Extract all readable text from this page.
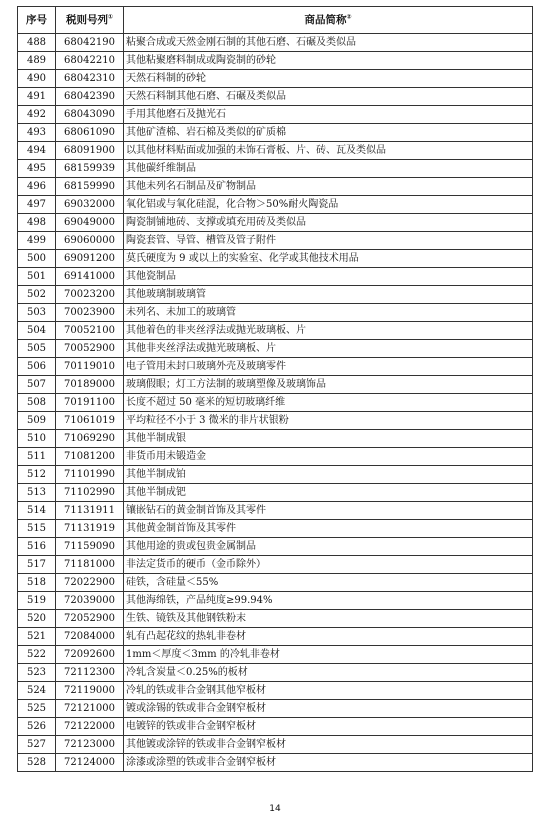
序号	税则号列①	商品简称②
488	68042190	粘聚合成或天然金刚石制的其他石磨、石碾及类似品
489	68042210	其他粘聚磨料制成或陶瓷制的砂轮
490	68042310	天然石料制的砂轮
491	68042390	天然石料制其他石磨、石碾及类似品
492	68043090	手用其他磨石及抛光石
493	68061090	其他矿渣棉、岩石棉及类似的矿质棉
494	68091900	以其他材料贴面或加强的未饰石膏板、片、砖、瓦及类似品
495	68159939	其他碳纤维制品
496	68159990	其他未列名石制品及矿物制品
497	69032000	氧化铝或与氧化硅混，化合物＞50%耐火陶瓷品
498	69049000	陶瓷制铺地砖、支撑或填充用砖及类似品
499	69060000	陶瓷套管、导管、槽管及管子附件
500	69091200	莫氏硬度为 9 或以上的实验室、化学或其他技术用品
501	69141000	其他瓷制品
502	70023200	其他玻璃制玻璃管
503	70023900	未列名、未加工的玻璃管
504	70052100	其他着色的非夹丝浮法或抛光玻璃板、片
505	70052900	其他非夹丝浮法或抛光玻璃板、片
506	70119010	电子管用未封口玻璃外壳及玻璃零件
507	70189000	玻璃假眼；灯工方法制的玻璃塑像及玻璃饰品
508	70191100	长度不超过 50 毫米的短切玻璃纤维
509	71061019	平均粒径不小于 3 微米的非片状银粉
510	71069290	其他半制成银
511	71081200	非货币用未锻造金
512	71101990	其他半制成铂
513	71102990	其他半制成钯
514	71131911	镶嵌钻石的黄金制首饰及其零件
515	71131919	其他黄金制首饰及其零件
516	71159090	其他用途的贵或包贵金属制品
517	71181000	非法定货币的硬币（金币除外）
518	72022900	硅铁，含硅量＜55%
519	72039000	其他海绵铁，产品纯度≥99.94%
520	72052900	生铁、镜铁及其他钢铁粉末
521	72084000	轧有凸起花纹的热轧非卷材
522	72092600	1mm＜厚度＜3mm 的冷轧非卷材
523	72112300	冷轧含炭量＜0.25%的板材
524	72119000	冷轧的铁或非合金钢其他窄板材
525	72121000	镀或涂锡的铁或非合金钢窄板材
526	72122000	电镀锌的铁或非合金钢窄板材
527	72123000	其他镀或涂锌的铁或非合金钢窄板材
528	72124000	涂漆或涂塑的铁或非合金钢窄板材
14
